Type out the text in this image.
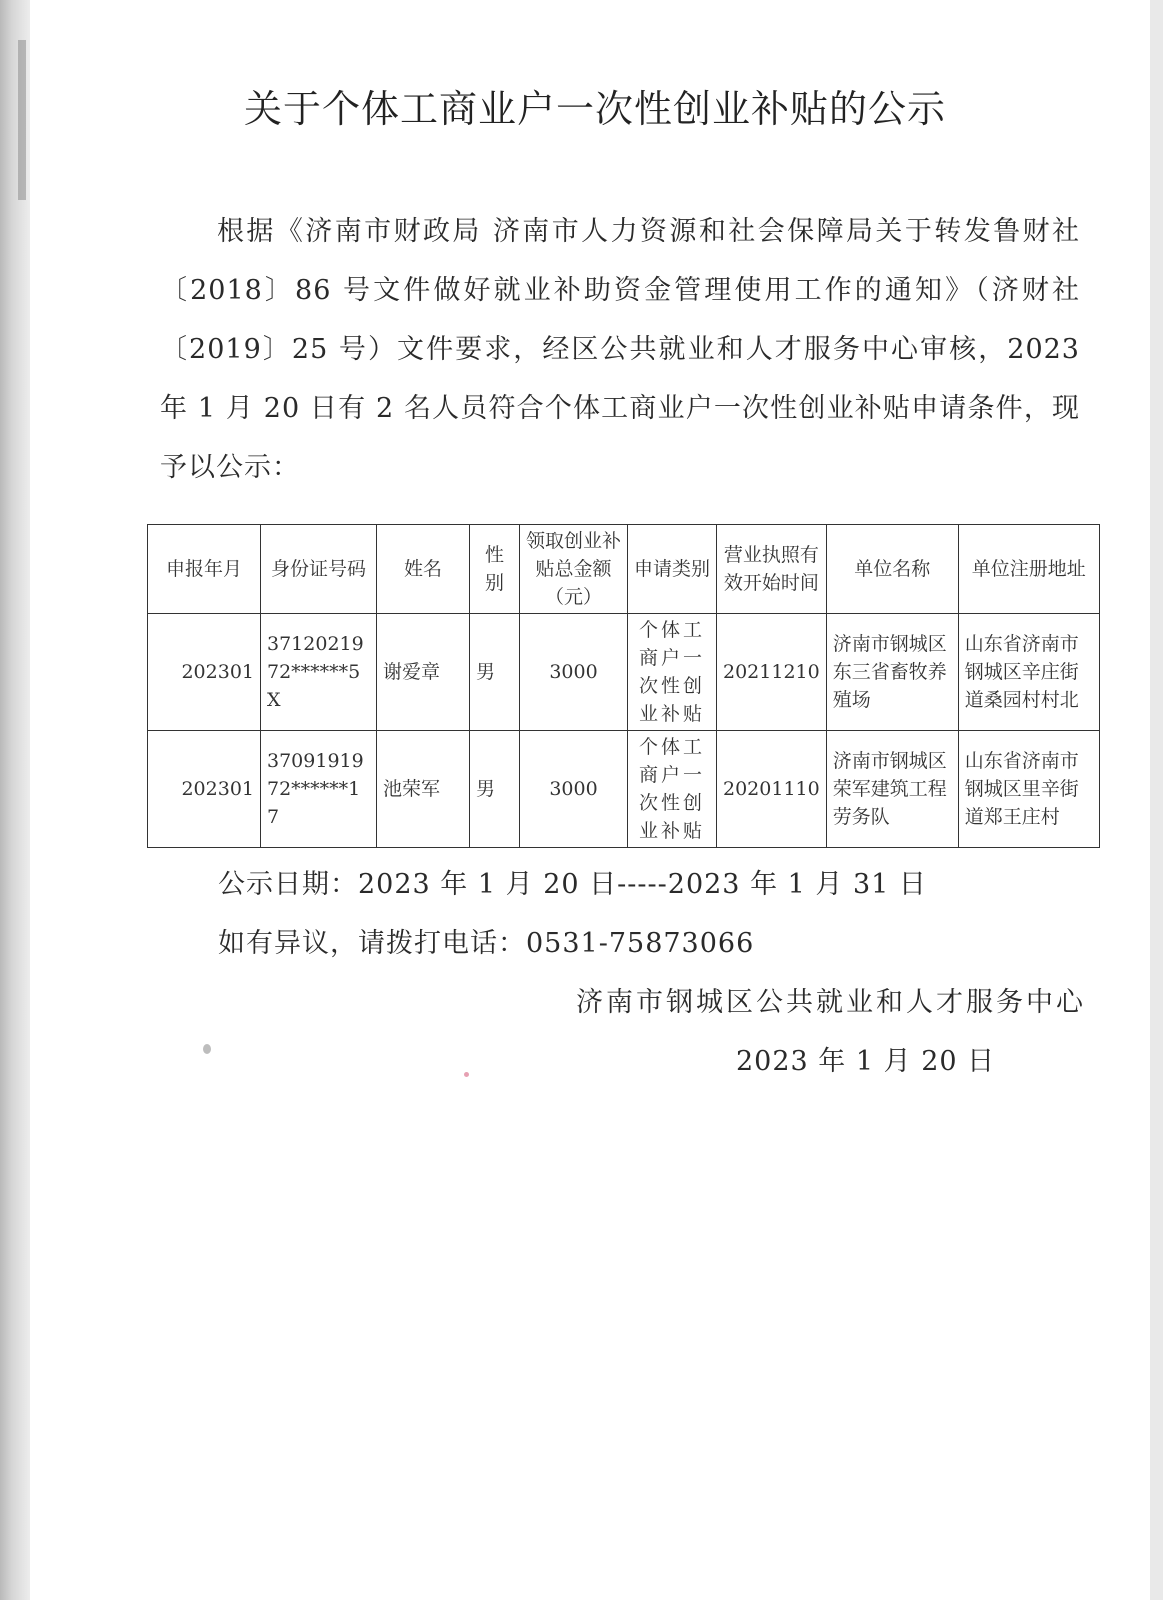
关于个体工商业户一次性创业补贴的公示
根据《济南市财政局 济南市人力资源和社会保障局关于转发鲁财社〔2018〕86 号文件做好就业补助资金管理使用工作的通知》（济财社〔2019〕25 号）文件要求，经区公共就业和人才服务中心审核，2023 年 1 月 20 日有 2 名人员符合个体工商业户一次性创业补贴申请条件，现予以公示：
申报年月	身份证号码	姓名	性别	领取创业补贴总金额（元）	申请类别	营业执照有效开始时间	单位名称	单位注册地址
202301	3712021972******5X	谢爱章	男	3000	个体工商户一次性创业补贴	20211210	济南市钢城区东三省畜牧养殖场	山东省济南市钢城区辛庄街道桑园村村北
202301	3709191972******17	池荣军	男	3000	个体工商户一次性创业补贴	20201110	济南市钢城区荣军建筑工程劳务队	山东省济南市钢城区里辛街道郑王庄村
公示日期：2023 年 1 月 20 日-----2023 年 1 月 31 日
如有异议，请拨打电话：0531-75873066
济南市钢城区公共就业和人才服务中心
2023 年 1 月 20 日
